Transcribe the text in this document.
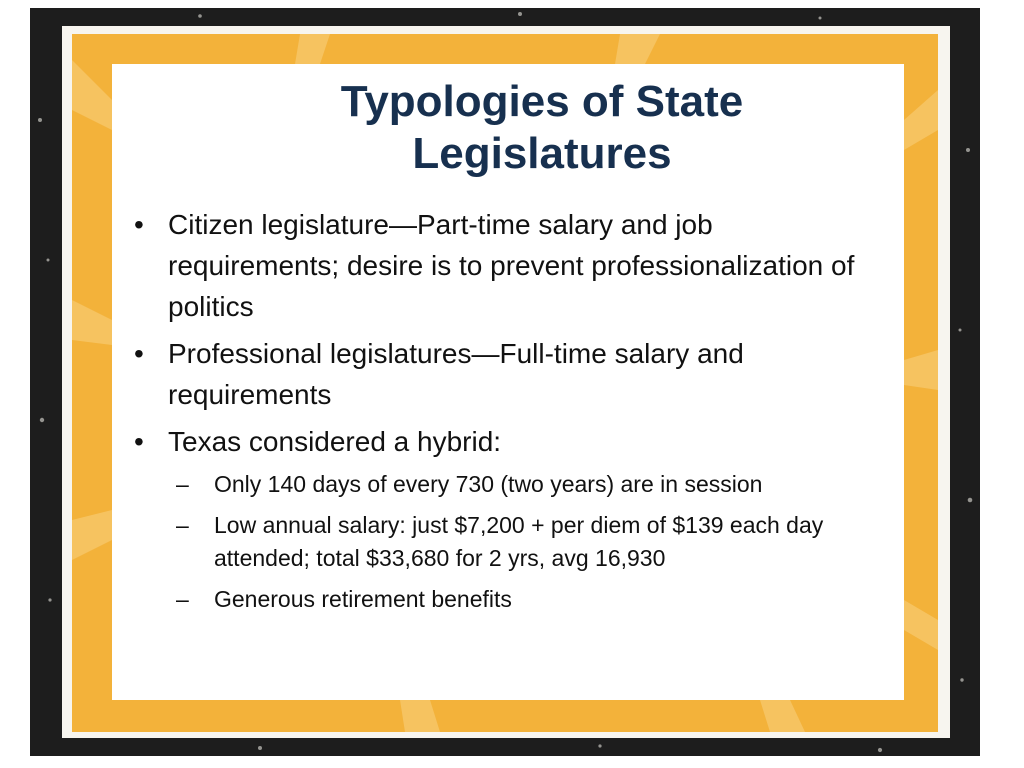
Typologies of State Legislatures
• Citizen legislature—Part-time salary and job requirements; desire is to prevent professionalization of politics
• Professional legislatures—Full-time salary and requirements
• Texas considered a hybrid:
– Only 140 days of every 730 (two years) are in session
– Low annual salary: just $7,200 + per diem of $139 each day attended; total $33,680 for 2 yrs, avg 16,930
– Generous retirement benefits
